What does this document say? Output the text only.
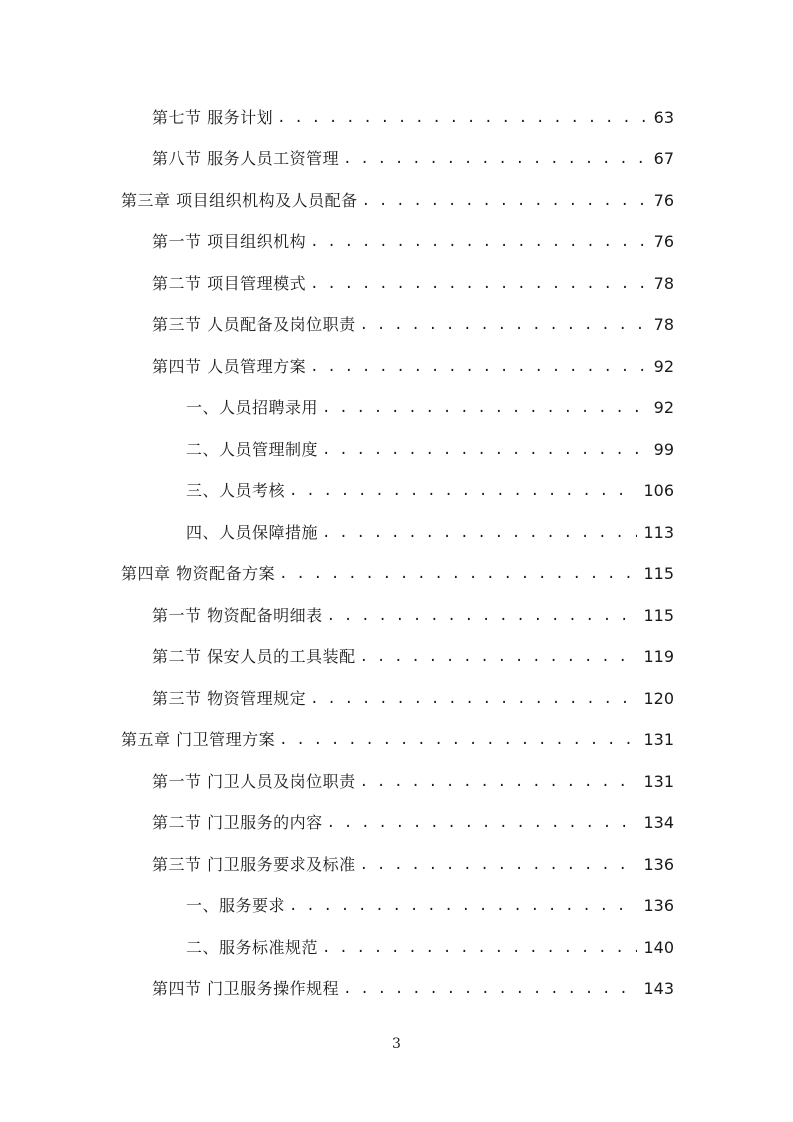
第七节 服务计划 . . .	63
第八节 服务人员工资管理 . . .	67
第三章 项目组织机构及人员配备 . . .	76
第一节 项目组织机构 . . .	76
第二节 项目管理模式 . . .	78
第三节 人员配备及岗位职责 . . .	78
第四节 人员管理方案 . . .	92
一、人员招聘录用 . . .	92
二、人员管理制度 . . .	99
三、人员考核 . . .	106
四、人员保障措施 . . .	113
第四章 物资配备方案 . . .	115
第一节 物资配备明细表 . . .	115
第二节 保安人员的工具装配 . . .	119
第三节 物资管理规定 . . .	120
第五章 门卫管理方案 . . .	131
第一节 门卫人员及岗位职责 . . .	131
第二节 门卫服务的内容 . . .	134
第三节 门卫服务要求及标准 . . .	136
一、服务要求 . . .	136
二、服务标准规范 . . .	140
第四节 门卫服务操作规程 . . .	143
3
